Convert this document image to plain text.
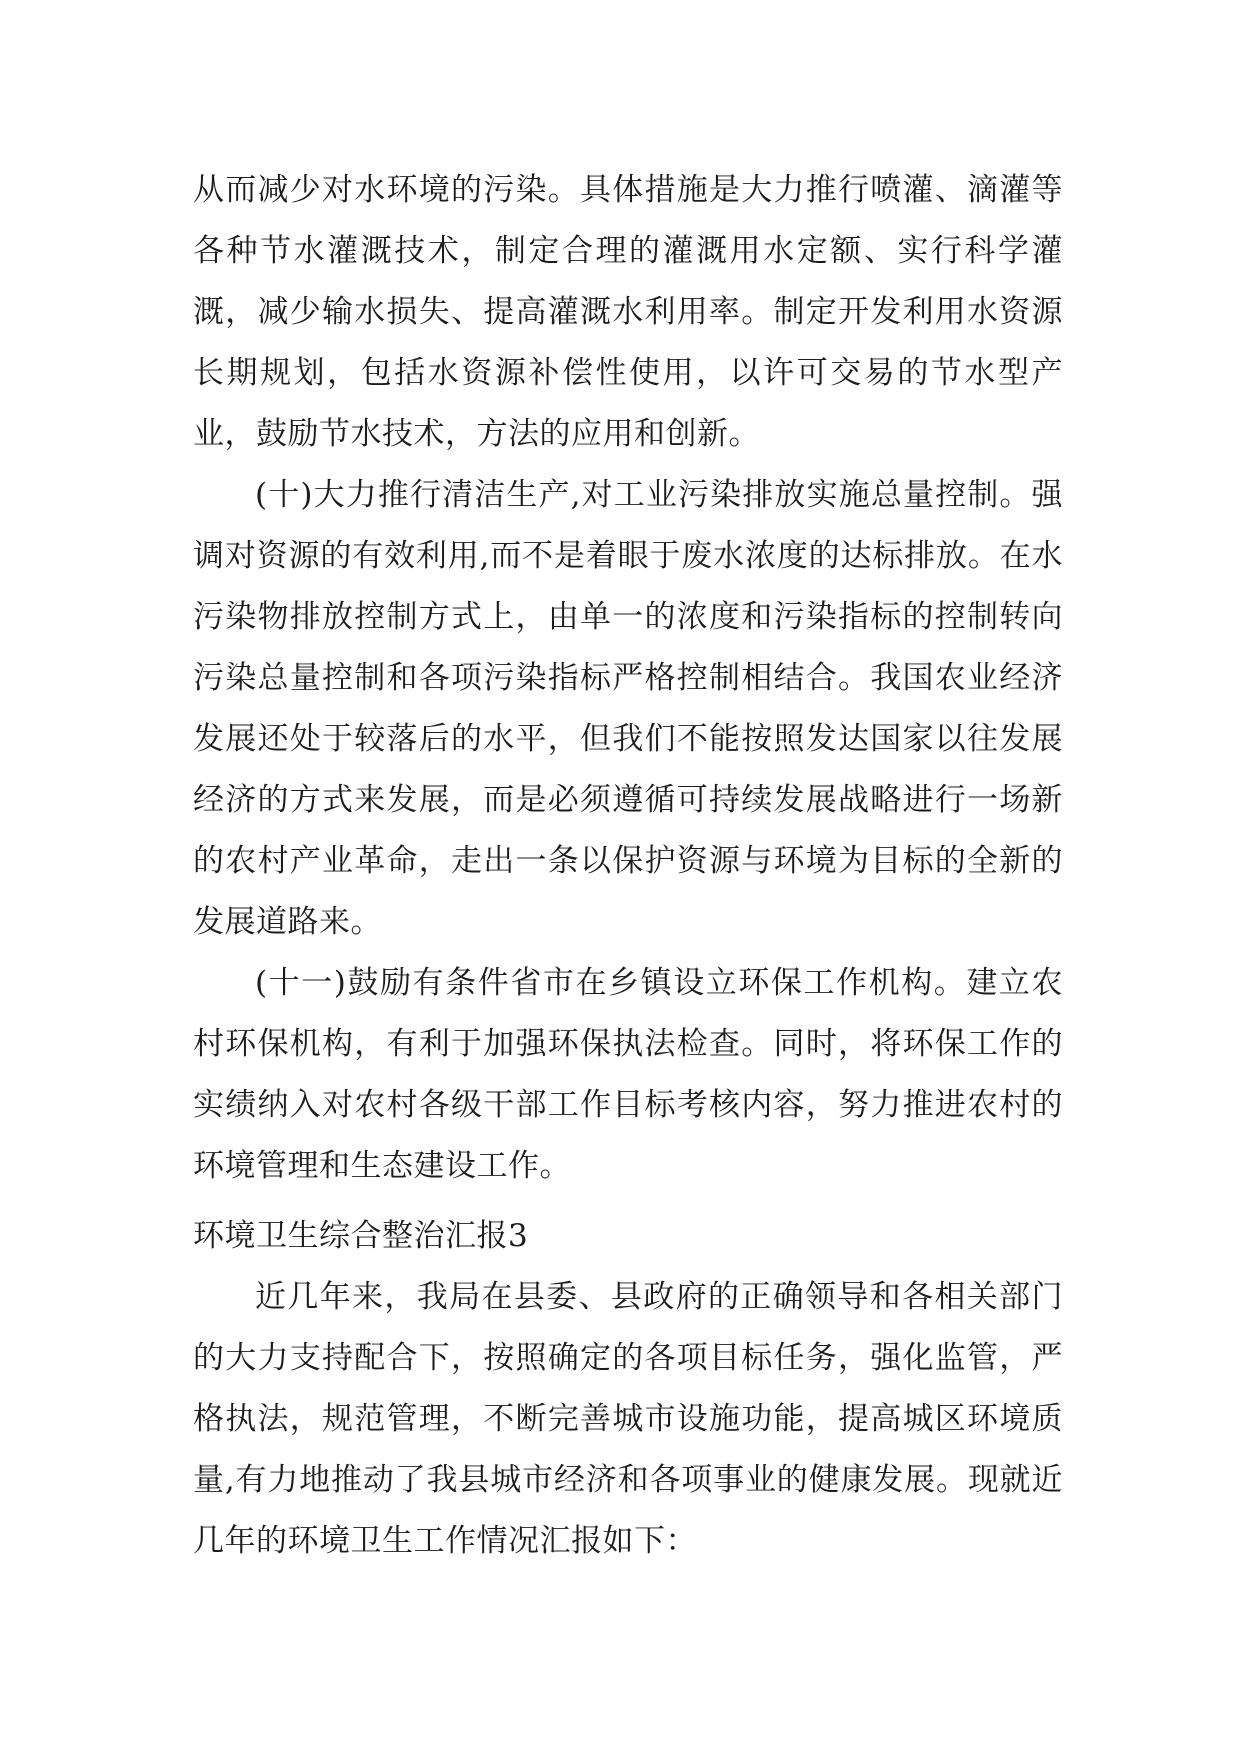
从而减少对水环境的污染。具体措施是大力推行喷灌、滴灌等各种节水灌溉技术，制定合理的灌溉用水定额、实行科学灌溉，减少输水损失、提高灌溉水利用率。制定开发利用水资源长期规划，包括水资源补偿性使用，以许可交易的节水型产业，鼓励节水技术，方法的应用和创新。

(十)大力推行清洁生产,对工业污染排放实施总量控制。强调对资源的有效利用,而不是着眼于废水浓度的达标排放。在水污染物排放控制方式上，由单一的浓度和污染指标的控制转向污染总量控制和各项污染指标严格控制相结合。我国农业经济发展还处于较落后的水平，但我们不能按照发达国家以往发展经济的方式来发展，而是必须遵循可持续发展战略进行一场新的农村产业革命，走出一条以保护资源与环境为目标的全新的发展道路来。

(十一)鼓励有条件省市在乡镇设立环保工作机构。建立农村环保机构，有利于加强环保执法检查。同时，将环保工作的实绩纳入对农村各级干部工作目标考核内容，努力推进农村的环境管理和生态建设工作。

环境卫生综合整治汇报3

近几年来，我局在县委、县政府的正确领导和各相关部门的大力支持配合下，按照确定的各项目标任务，强化监管，严格执法，规范管理，不断完善城市设施功能，提高城区环境质量,有力地推动了我县城市经济和各项事业的健康发展。现就近几年的环境卫生工作情况汇报如下：
